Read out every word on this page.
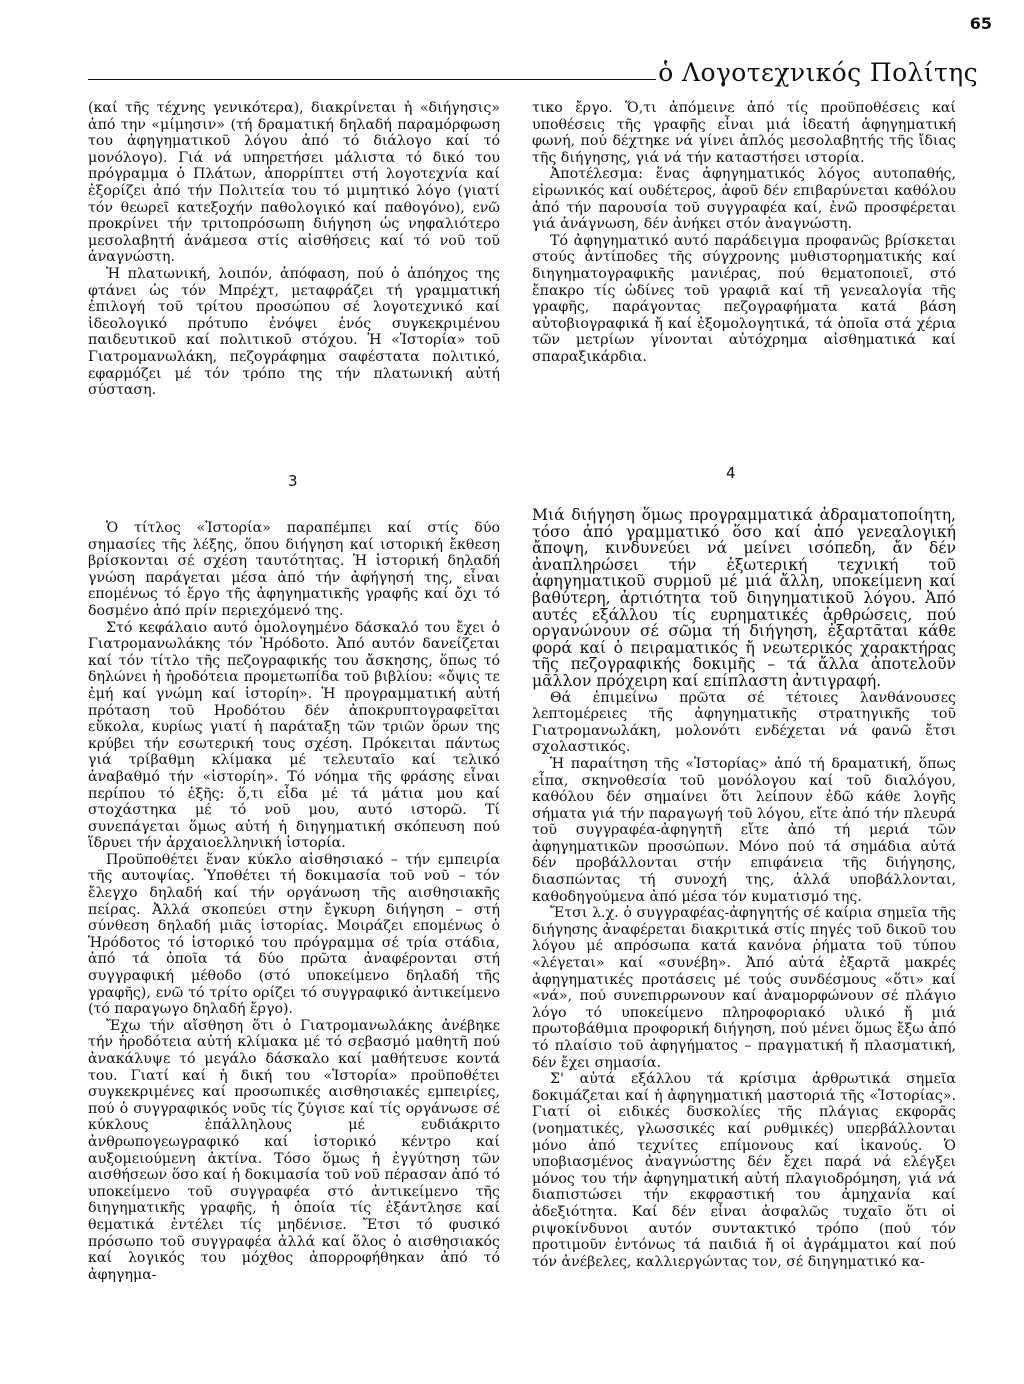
65
ὁ Λογοτεχνικός Πολίτης

(καί τῆς τέχνης γενικότερα), διακρίνεται ἡ «διήγησις» ἀπό την «μίμησιν» (τή δραματική δηλαδή παραμόρφωση του ἀφηγηματικοῦ λόγου ἀπό τό διάλογο καί τό μονόλογο). Γιά νά υπηρετήσει μάλιστα τό δικό του πρόγραμμα ὁ Πλάτων, ἀπορρίπτει στή λογοτεχνία καί ἐξορίζει ἀπό τήν Πολιτεία του τό μιμητικό λόγο (γιατί τόν θεωρεῖ κατεξοχήν παθολογικό καί παθογόνο), ενῶ προκρίνει τήν τριτοπρόσωπη διήγηση ὡς νηφαλιότερο μεσολαβητή ἀνάμεσα στίς αἰσθήσεις καί τό νοῦ τοῦ ἀναγνώστη.

Ἡ πλατωνική, λοιπόν, ἀπόφαση, πού ὁ ἀπόηχος της φτάνει ὡς τόν Μπρέχτ, μεταφράζει τή γραμματική ἐπιλογή τοῦ τρίτου προσώπου σέ λογοτεχνικό καί ἰδεολογικό πρότυπο ἐνόψει ἑνός συγκεκριμένου παιδευτικοῦ καί πολιτικοῦ στόχου. Ἡ «Ἱστορία» τοῦ Γιατρομανωλάκη, πεζογράφημα σαφέστατα πολιτικό, εφαρμόζει μέ τόν τρόπο της τήν πλατωνική αὐτή σύσταση.

τικο ἔργο. Ὅ,τι ἀπόμεινε ἀπό τίς προϋποθέσεις καί υποθέσεις τῆς γραφῆς εἶναι μιά ἰδεατή ἀφηγηματική φωνή, πού δέχτηκε νά γίνει ἁπλός μεσολαβητής τῆς ἴδιας τῆς διήγησης, γιά νά τήν καταστήσει ιστορία.

Ἀποτέλεσμα: ἕνας ἀφηγηματικός λόγος αυτοπαθής, εἰρωνικός καί ουδέτερος, ἀφοῦ δέν επιβαρύνεται καθόλου ἀπό τήν παρουσία τοῦ συγγραφέα καί, ἐνῶ προσφέρεται γιά ἀνάγνωση, δέν ἀνήκει στόν ἀναγνώστη.

Τό ἀφηγηματικό αυτό παράδειγμα προφανῶς βρίσκεται στούς ἀντίποδες τῆς σύγχρονης μυθιστορηματικής καί διηγηματογραφικῆς μανιέρας, πού θεματοποιεῖ, στό ἔπακρο τίς ὠδίνες τοῦ γραφιᾶ καί τῆ γενεαλογία τῆς γραφῆς, παράγοντας πεζογραφήματα κατά βάση αὐτοβιογραφικά ἤ καί ἐξομολογητικά, τά ὁποῖα στά χέρια τῶν μετρίων γίνονται αὐτόχρημα αἰσθηματικά καί σπαραξικάρδια.

3	4

Ὁ τίτλος «Ἱστορία» παραπέμπει καί στίς δύο σημασίες τῆς λέξης, ὅπου διήγηση καί ιστορική ἔκθεση βρίσκονται σέ σχέση ταυτότητας. Ἡ ἱστορική δηλαδή γνώση παράγεται μέσα ἀπό τήν ἀφήγησή της, εἶναι επομένως τό ἔργο τῆς ἀφηγηματικῆς γραφῆς καί ὄχι τό δοσμένο ἀπό πρίν περιεχόμενό της.

Στό κεφάλαιο αυτό ὁμολογημένο δάσκαλό του ἔχει ὁ Γιατρομανωλάκης τόν Ἡρόδοτο. Ἀπό αυτόν δανείζεται καί τόν τίτλο τῆς πεζογραφικής του ἄσκησης, ὅπως τό δηλώνει ἡ ἡροδότεια προμετωπίδα τοῦ βιβλίου: «ὄψις τε ἐμή καί γνώμη καί ἱστορίη». Ἡ προγραμματική αὐτή πρόταση τοῦ Ηροδότου δέν ἀποκρυπτογραφεῖται εὔκολα, κυρίως γιατί ἡ παράταξη τῶν τριῶν ὅρων της κρύβει τήν εσωτερική τους σχέση. Πρόκειται πάντως γιά τρίβαθμη κλίμακα μέ τελευταῖο καί τελικό ἀναβαθμό τήν «ἱστορίη». Τό νόημα τῆς φράσης εἶναι περίπου τό ἐξῆς: ὅ,τι εἶδα μέ τά μάτια μου καί στοχάστηκα μέ τό νοῦ μου, αυτό ιστορῶ. Τί συνεπάγεται ὅμως αὐτή ἡ διηγηματική σκόπευση πού ἵδρυει τήν ἀρχαιοελληνική ἱστορία.

Προϋποθέτει ἕναν κύκλο αἰσθησιακό – τήν εμπειρία τῆς αυτοψίας. Ὑποθέτει τή δοκιμασία τοῦ νοῦ – τόν ἔλεγχο δηλαδή καί τήν οργάνωση τῆς αισθησιακῆς πείρας. Ἀλλά σκοπεύει στην ἔγκυρη διήγηση – στή σύνθεση δηλαδή μιᾶς ἱστορίας. Μοιράζει επομένως ὁ Ἡρόδοτος τό ἱστορικό του πρόγραμμα σέ τρία στάδια, ἀπό τά ὁποῖα τά δύο πρῶτα ἀναφέρονται στή συγγραφική μέθοδο (στό υποκείμενο δηλαδή τῆς γραφῆς), ενῶ τό τρίτο ορίζει τό συγγραφικό ἀντικείμενο (τό παραγωγο δηλαδή ἔργο).

Ἔχω τήν αἴσθηση ὅτι ὁ Γιατρομανωλάκης ἀνέβηκε τήν ἡροδότεια αὐτή κλίμακα μέ τό σεβασμό μαθητῆ πού ἀνακάλυψε τό μεγάλο δάσκαλο καί μαθήτευσε κοντά του. Γιατί καί ἡ δική του «Ἱστορία» προϋποθέτει συγκεκριμένες καί προσωπικές αισθησιακές εμπειρίες, πού ὁ συγγραφικός νοῦς τίς ζύγισε καί τίς οργάνωσε σέ κύκλους ἐπάλληλους μέ ευδιάκριτο ἀνθρωπογεωγραφικό καί ἱστορικό κέντρο καί αυξομειούμενη ἀκτίνα. Τόσο ὅμως ἡ ἐγγύτηση τῶν αισθήσεων ὅσο καί ἡ δοκιμασία τοῦ νοῦ πέρασαν ἀπό τό υποκείμενο τοῦ συγγραφέα στό ἀντικείμενο τῆς διηγηματικῆς γραφῆς, ἡ ὁποία τίς ἐξάντλησε καί θεματικά ἐντέλει τίς μηδένισε. Ἔτσι τό φυσικό πρόσωπο τοῦ συγγραφέα ἀλλά καί ὅλος ὁ αισθησιακός καί λογικός του μόχθος ἀπορροφήθηκαν ἀπό τό ἀφηγημα-

Μιά διήγηση ὅμως προγραμματικά ἀδραματοποίητη, τόσο ἀπό γραμματικό ὅσο καί ἀπό γενεαλογική ἄποψη, κινδυνεύει νά μείνει ισόπεδη, ἄν δέν ἀναπληρώσει τήν ἐξωτερική τεχνική τοῦ ἀφηγηματικοῦ συρμοῦ μέ μιά ἄλλη, υποκείμενη καί βαθύτερη, ἀρτιότητα τοῦ διηγηματικοῦ λόγου. Ἀπό αυτές εξάλλου τίς ευρηματικές ἀρθρώσεις, πού οργανώνουν σέ σῶμα τή διήγηση, ἐξαρτᾶται κάθε φορά καί ὁ πειραματικός ἤ νεωτερικός χαρακτήρας τῆς πεζογραφικής δοκιμῆς – τά ἄλλα ἀποτελοῦν μᾶλλον πρόχειρη καί επίπλαστη ἀντιγραφή.

Θά ἐπιμείνω πρῶτα σέ τέτοιες λανθάνουσες λεπτομέρειες τῆς ἀφηγηματικῆς στρατηγικῆς τοῦ Γιατρομανωλάκη, μολονότι ενδέχεται νά φανῶ ἔτσι σχολαστικός.

Ἡ παραίτηση τῆς «Ἱστορίας» ἀπό τή δραματική, ὅπως εἶπα, σκηνοθεσία τοῦ μονόλογου καί τοῦ διαλόγου, καθόλου δέν σημαίνει ὅτι λείπουν ἐδῶ κάθε λογῆς σήματα γιά τήν παραγωγή τοῦ λόγου, εἴτε ἀπό τήν πλευρά τοῦ συγγραφέα-ἀφηγητῆ εἴτε ἀπό τή μεριά τῶν ἀφηγηματικῶν προσώπων. Μόνο πού τά σημάδια αὐτά δέν προβάλλονται στήν επιφάνεια τῆς διήγησης, διασπώντας τή συνοχή της, ἀλλά υποβάλλονται, καθοδηγούμενα ἀπό μέσα τόν κυματισμό της.

Ἔτσι λ.χ. ὁ συγγραφέας-ἀφηγητής σέ καίρια σημεῖα τῆς διήγησης ἀναφέρεται διακριτικά στίς πηγές τοῦ δικοῦ του λόγου μέ απρόσωπα κατά κανόνα ῥήματα τοῦ τύπου «λέγεται» καί «συνέβη». Ἀπό αὐτά ἐξαρτᾶ μακρές ἀφηγηματικές προτάσεις μέ τούς συνδέσμους «ὅτι» καί «νά», πού συνεπιρρωνουν καί ἀναμορφώνουν σέ πλάγιο λόγο τό υποκείμενο πληροφοριακό υλικό ἤ μιά πρωτοβάθμια προφορική διήγηση, πού μένει ὅμως ἔξω ἀπό τό πλαίσιο τοῦ ἀφηγήματος – πραγματική ἤ πλασματική, δέν ἔχει σημασία.

Σ' αὐτά εξάλλου τά κρίσιμα ἀρθρωτικά σημεῖα δοκιμάζεται καί ἡ ἀφηγηματική μαστοριά τῆς «Ἱστορίας». Γιατί οἱ ειδικές δυσκολίες τῆς πλάγιας εκφορᾶς (νοηματικές, γλωσσικές καί ρυθμικές) υπερβάλλονται μόνο ἀπό τεχνίτες επίμονους καί ἱκανούς. Ὁ υποβιασμένος ἀναγνώστης δέν ἔχει παρά νά ελέγξει μόνος του τήν ἀφηγηματική αὐτή πλαγιοδρόμηση, γιά νά διαπιστώσει τήν εκφραστική του ἀμηχανία καί ἀδεξιότητα. Καί δέν εἶναι ἀσφαλῶς τυχαῖο ὅτι οἱ ριψοκίνδυνοι αυτόν συντακτικό τρόπο (πού τόν προτιμοῦν ἐντόνως τά παιδιά ἤ οἱ ἀγράμματοι καί πού τόν ἀνέβελες, καλλιεργώντας τον, σέ διηγηματικό κα-
